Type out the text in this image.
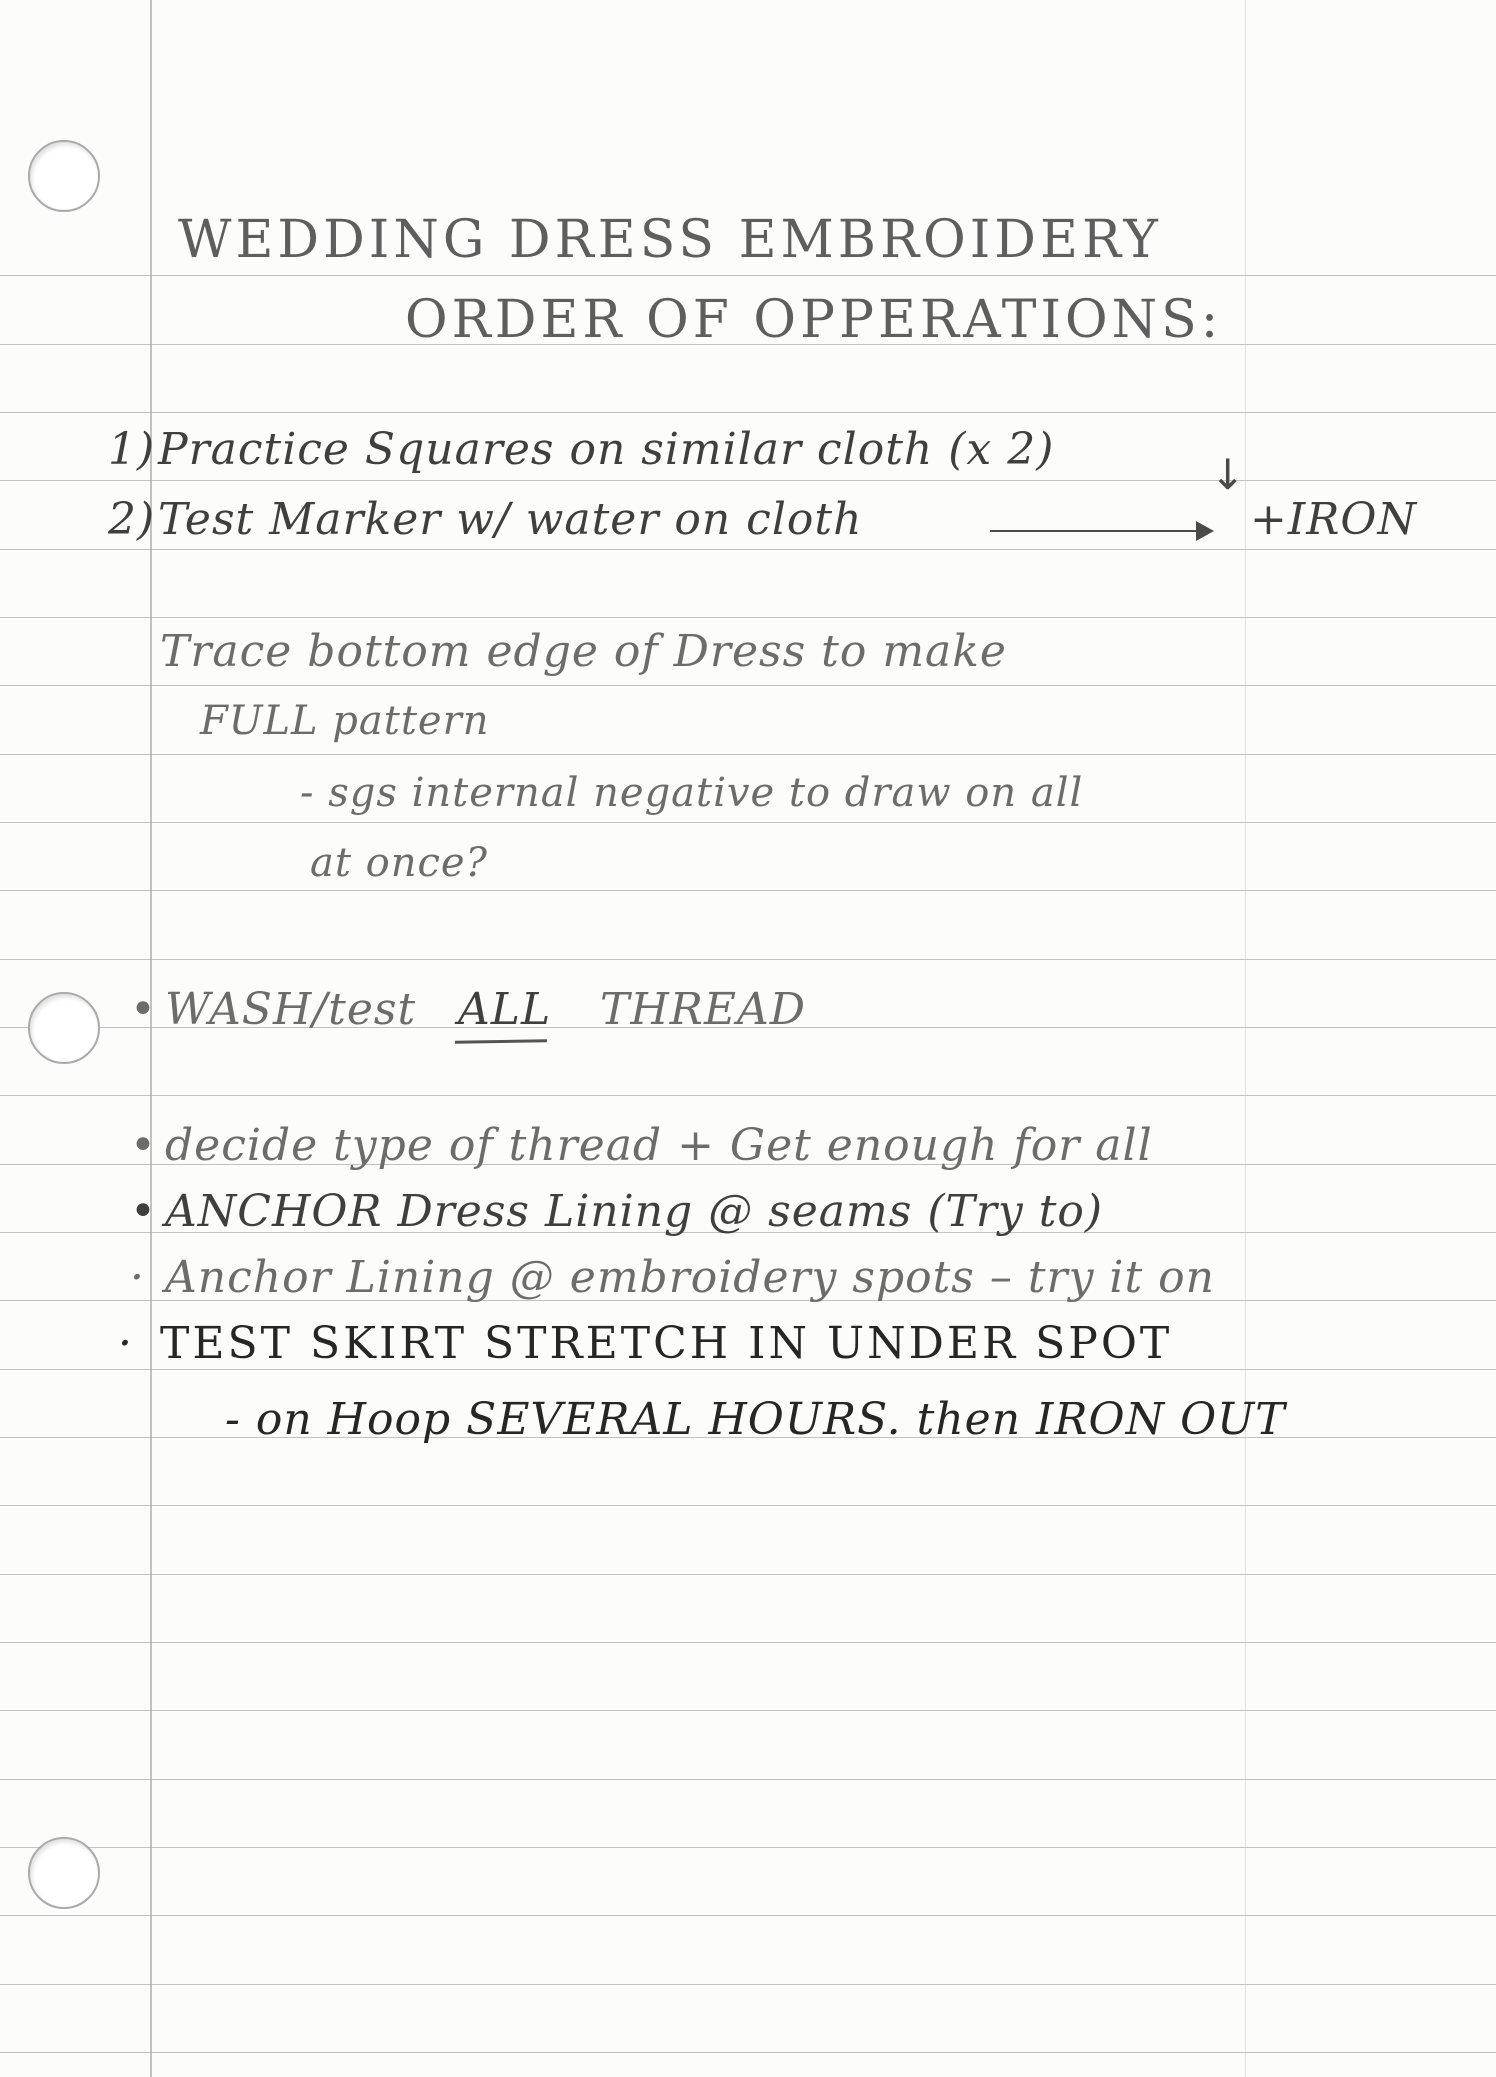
WEDDING DRESS EMBROIDERY

ORDER OF OPPERATIONS:

1) Practice Squares on similar cloth (x 2)	↓

2) Test Marker w/ water on cloth	+IRON

Trace bottom edge of Dress to make

FULL pattern

- sgs internal negative to draw on all

at once?

• WASH/test ALL THREAD

• decide type of thread + Get enough for all

• ANCHOR Dress Lining @ seams (Try to)

· Anchor Lining @ embroidery spots – try it on

· TEST SKIRT STRETCH IN UNDER SPOT

- on Hoop SEVERAL HOURS. then IRON OUT
